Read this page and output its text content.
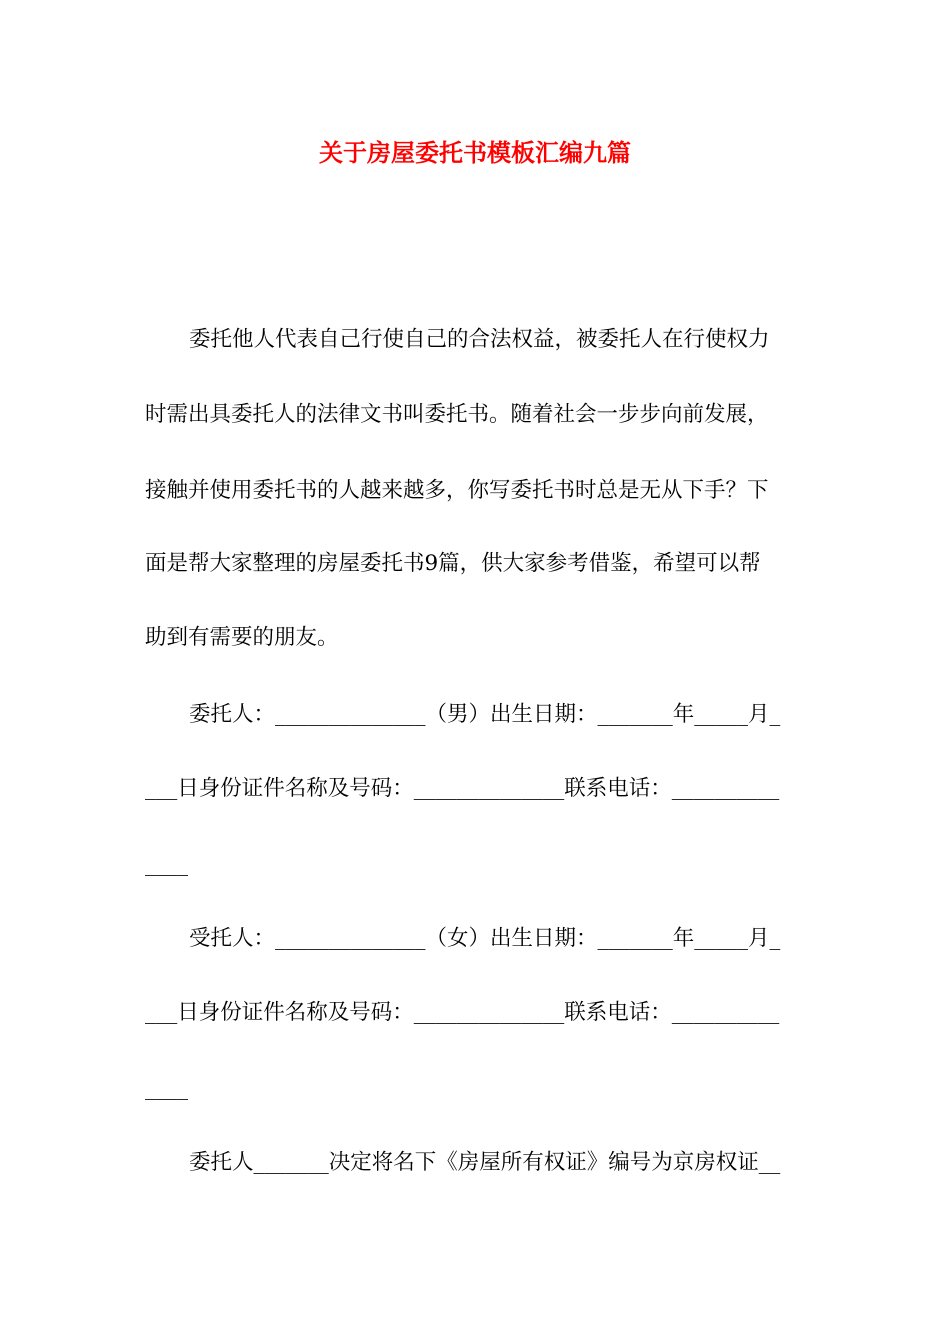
关于房屋委托书模板汇编九篇
委托他人代表自己行使自己的合法权益，被委托人在行使权力
时需出具委托人的法律文书叫委托书。随着社会一步步向前发展，
接触并使用委托书的人越来越多，你写委托书时总是无从下手？下
面是帮大家整理的房屋委托书9篇，供大家参考借鉴，希望可以帮
助到有需要的朋友。
委托人：______________（男）出生日期：_______年_____月_
___日身份证件名称及号码：______________联系电话：__________
____
受托人：______________（女）出生日期：_______年_____月_
___日身份证件名称及号码：______________联系电话：__________
____
委托人_______决定将名下《房屋所有权证》编号为京房权证__
